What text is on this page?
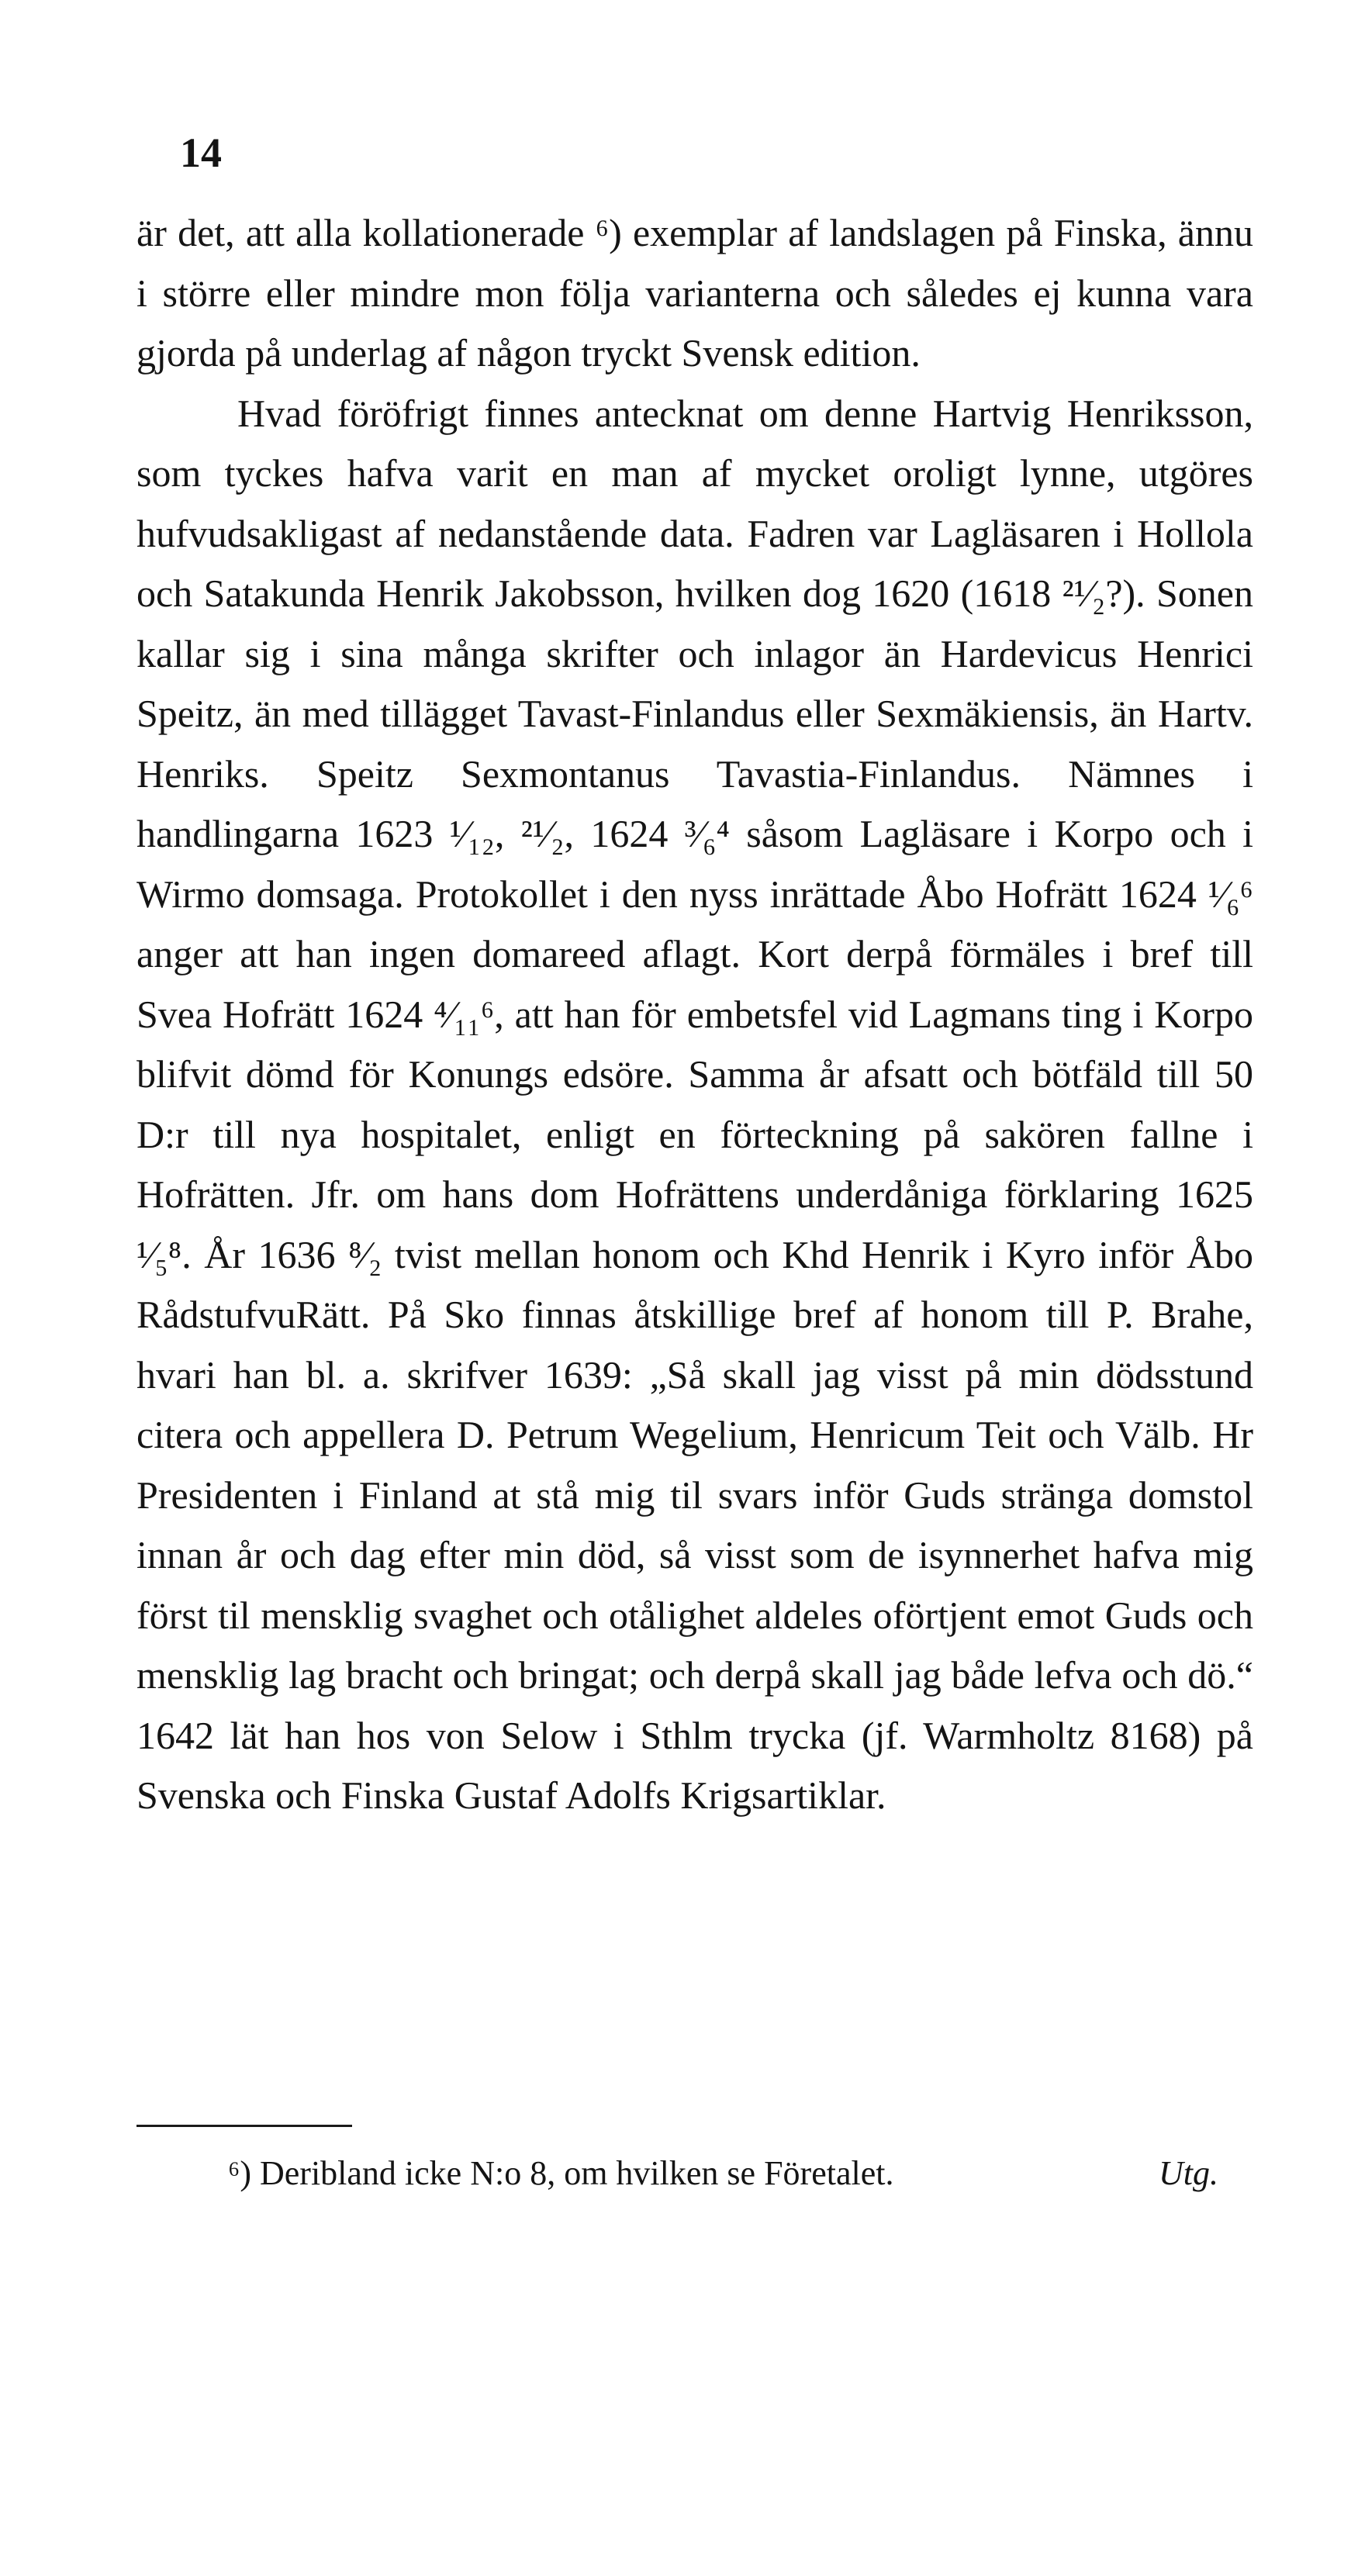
14

är det, att alla kollationerade ⁶) exemplar af landslagen på Finska, ännu i större eller mindre mon följa varianterna och således ej kunna vara gjorda på underlag af någon tryckt Svensk edition.

Hvad föröfrigt finnes antecknat om denne Hartvig Henriksson, som tyckes hafva varit en man af mycket oroligt lynne, utgöres hufvudsakligast af nedanstående data. Fadren var Lagläsaren i Hollola och Satakunda Henrik Jakobsson, hvilken dog 1620 (1618 ²¹⁄₂?). Sonen kallar sig i sina många skrifter och inlagor än Hardevicus Henrici Speitz, än med tillägget Tavast-Finlandus eller Sexmäkiensis, än Hartv. Henriks. Speitz Sexmontanus Tavastia-Finlandus. Nämnes i handlingarna 1623 ¹⁄₁₂, ²¹⁄₂, 1624 ³⁄₆⁴ såsom Lagläsare i Korpo och i Wirmo domsaga. Protokollet i den nyss inrättade Åbo Hofrätt 1624 ¹⁄₆⁶ anger att han ingen domareed aflagt. Kort derpå förmäles i bref till Svea Hofrätt 1624 ⁴⁄₁₁⁶, att han för embetsfel vid Lagmans ting i Korpo blifvit dömd för Konungs edsöre. Samma år afsatt och bötfäld till 50 D:r till nya hospitalet, enligt en förteckning på sakören fallne i Hofrätten. Jfr. om hans dom Hofrättens underdåniga förklaring 1625 ¹⁄₅⁸. År 1636 ⁸⁄₂ tvist mellan honom och Khd Henrik i Kyro inför Åbo RådstufvuRätt. På Sko finnas åtskillige bref af honom till P. Brahe, hvari han bl. a. skrifver 1639: „Så skall jag visst på min dödsstund citera och appellera D. Petrum Wegelium, Henricum Teit och Välb. Hr Presidenten i Finland at stå mig til svars inför Guds stränga domstol innan år och dag efter min död, så visst som de isynnerhet hafva mig först til mensklig svaghet och otålighet aldeles oförtjent emot Guds och mensklig lag bracht och bringat; och derpå skall jag både lefva och dö.“ 1642 lät han hos von Selow i Sthlm trycka (jf. Warmholtz 8168) på Svenska och Finska Gustaf Adolfs Krigsartiklar.

⁶) Deribland icke N:o 8, om hvilken se Företalet.	Utg.
